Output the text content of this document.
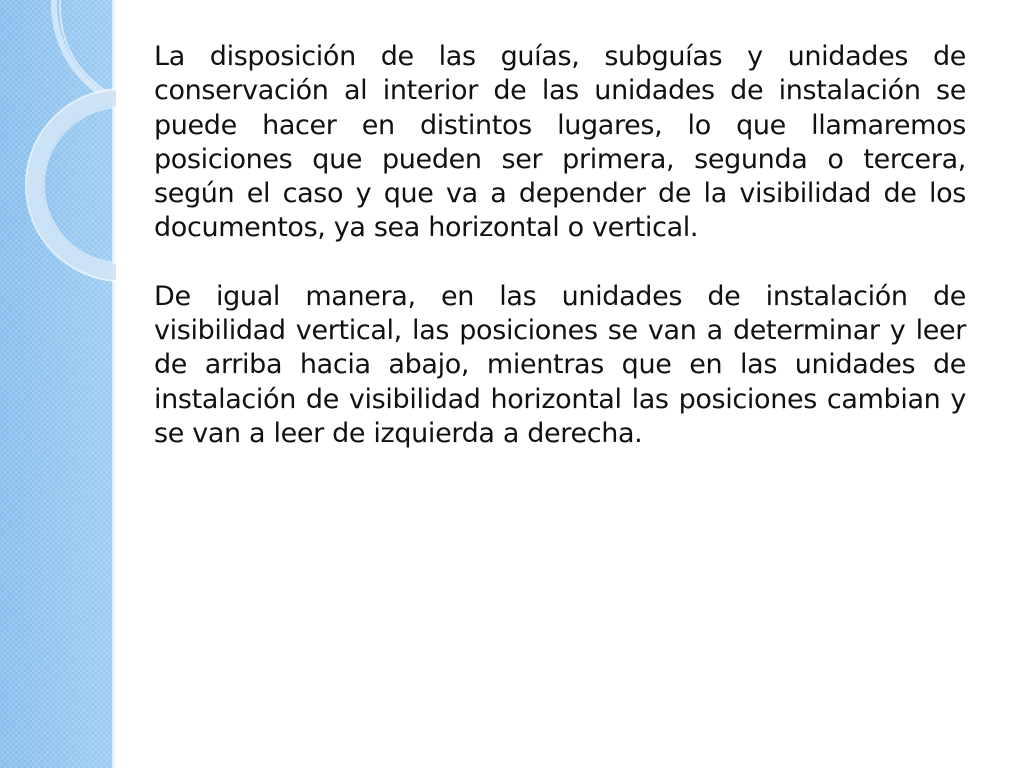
La disposición de las guías, subguías y unidades de conservación al interior de las unidades de instalación se puede hacer en distintos lugares, lo que llamaremos posiciones que pueden ser primera, segunda o tercera, según el caso y que va a depender de la visibilidad de los documentos, ya sea horizontal o vertical.

De igual manera, en las unidades de instalación de visibilidad vertical, las posiciones se van a determinar y leer de arriba hacia abajo, mientras que en las unidades de instalación de visibilidad horizontal las posiciones cambian y se van a leer de izquierda a derecha.
